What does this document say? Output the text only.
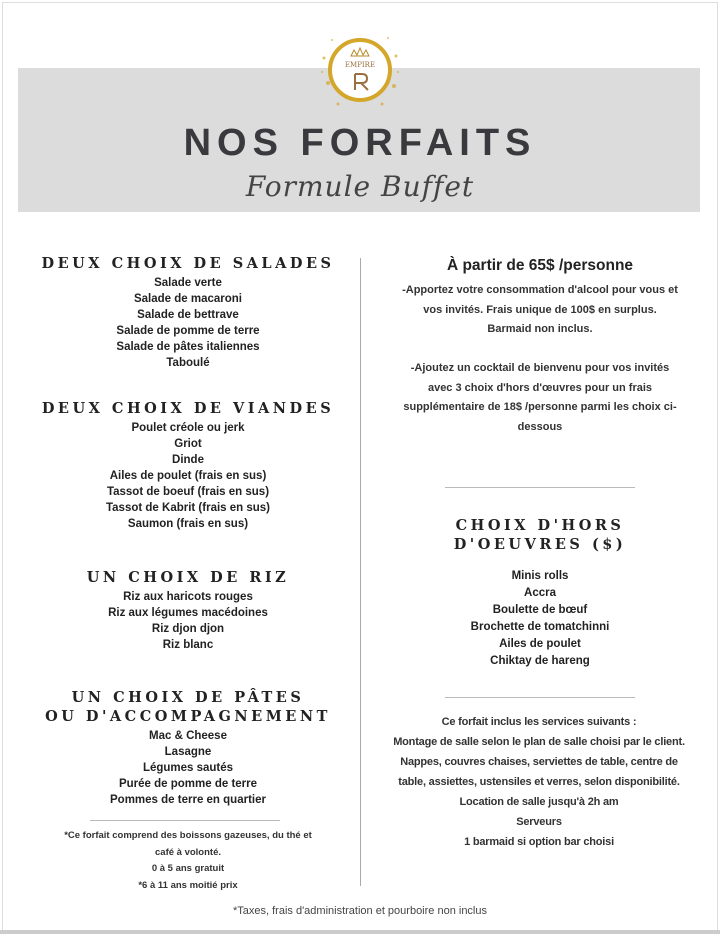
EMPIRE
NOS FORFAITS
Formule Buffet
DEUX CHOIX DE SALADES
Salade verte
Salade de macaroni
Salade de bettrave
Salade de pomme de terre
Salade de pâtes italiennes
Taboulé
DEUX CHOIX DE VIANDES
Poulet créole ou jerk
Griot
Dinde
Ailes de poulet (frais en sus)
Tassot de boeuf (frais en sus)
Tassot de Kabrit (frais en sus)
Saumon (frais en sus)
UN CHOIX DE RIZ
Riz aux haricots rouges
Riz aux légumes macédoines
Riz djon djon
Riz blanc
UN CHOIX DE PÂTES
OU D'ACCOMPAGNEMENT
Mac & Cheese
Lasagne
Légumes sautés
Purée de pomme de terre
Pommes de terre en quartier
*Ce forfait comprend des boissons gazeuses, du thé et
café à volonté.
0 à 5 ans gratuit
*6 à 11 ans moitié prix
À partir de 65$ /personne
-Apportez votre consommation d'alcool pour vous et
vos invités. Frais unique de 100$ en surplus.
Barmaid non inclus.
-Ajoutez un cocktail de bienvenu pour vos invités
avec 3 choix d'hors d'œuvres pour un frais
supplémentaire de 18$ /personne parmi les choix ci-
dessous
CHOIX D'HORS
D'OEUVRES ($)
Minis rolls
Accra
Boulette de bœuf
Brochette de tomatchinni
Ailes de poulet
Chiktay de hareng
Ce forfait inclus les services suivants :
Montage de salle selon le plan de salle choisi par le client.
Nappes, couvres chaises, serviettes de table, centre de
table, assiettes, ustensiles et verres, selon disponibilité.
Location de salle jusqu'à 2h am
Serveurs
1 barmaid si option bar choisi
*Taxes, frais d'administration et pourboire non inclus
